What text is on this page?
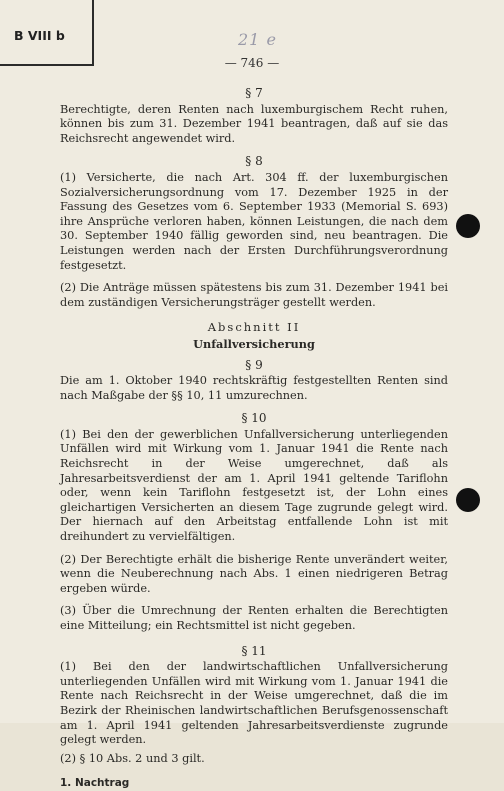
B VIII b	21 e
— 746 —
§ 7

Berechtigte, deren Renten nach luxemburgischem Recht ruhen, können bis zum 31. Dezember 1941 beantragen, daß auf sie das Reichsrecht angewendet wird.

§ 8

(1) Versicherte, die nach Art. 304 ff. der luxemburgischen Sozialversicherungsordnung vom 17. Dezember 1925 in der Fassung des Gesetzes vom 6. September 1933 (Memorial S. 693) ihre Ansprüche verloren haben, können Leistungen, die nach dem 30. September 1940 fällig geworden sind, neu beantragen. Die Leistungen werden nach der Ersten Durchführungsverordnung festgesetzt.

(2) Die Anträge müssen spätestens bis zum 31. Dezember 1941 bei dem zuständigen Versicherungsträger gestellt werden.

Abschnitt II
Unfallversicherung
§ 9

Die am 1. Oktober 1940 rechtskräftig festgestellten Renten sind nach Maßgabe der §§ 10, 11 umzurechnen.

§ 10

(1) Bei den der gewerblichen Unfallversicherung unterliegenden Unfällen wird mit Wirkung vom 1. Januar 1941 die Rente nach Reichsrecht in der Weise umgerechnet, daß als Jahresarbeitsverdienst der am 1. April 1941 geltende Tariflohn oder, wenn kein Tariflohn festgesetzt ist, der Lohn eines gleichartigen Versicherten an diesem Tage zugrunde gelegt wird. Der hiernach auf den Arbeitstag entfallende Lohn ist mit dreihundert zu vervielfältigen.

(2) Der Berechtigte erhält die bisherige Rente unverändert weiter, wenn die Neuberechnung nach Abs. 1 einen niedrigeren Betrag ergeben würde.

(3) Über die Umrechnung der Renten erhalten die Berechtigten eine Mitteilung; ein Rechtsmittel ist nicht gegeben.

§ 11

(1) Bei den der landwirtschaftlichen Unfallversicherung unterliegenden Unfällen wird mit Wirkung vom 1. Januar 1941 die Rente nach Reichsrecht in der Weise umgerechnet, daß die im Bezirk der Rheinischen landwirtschaftlichen Berufsgenossenschaft am 1. April 1941 geltenden Jahresarbeitsverdienste zugrunde gelegt werden.

(2) § 10 Abs. 2 und 3 gilt.

1. Nachtrag
